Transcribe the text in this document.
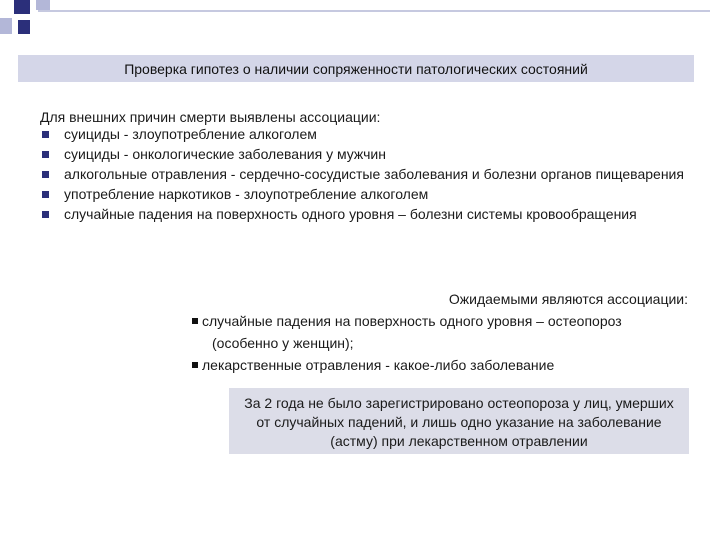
Проверка гипотез о наличии сопряженности патологических состояний
Для внешних причин смерти выявлены ассоциации:
суициды - злоупотребление алкоголем
суициды - онкологические заболевания у мужчин
алкогольные отравления - сердечно-сосудистые заболевания и болезни органов пищеварения
употребление наркотиков - злоупотребление алкоголем
случайные падения на поверхность одного уровня – болезни системы кровообращения
Ожидаемыми являются ассоциации:
случайные падения на поверхность одного уровня – остеопороз
(особенно у женщин);
лекарственные отравления - какое-либо заболевание
За 2 года не было зарегистрировано остеопороза у лиц, умерших от случайных падений, и лишь одно указание на заболевание (астму) при лекарственном отравлении
